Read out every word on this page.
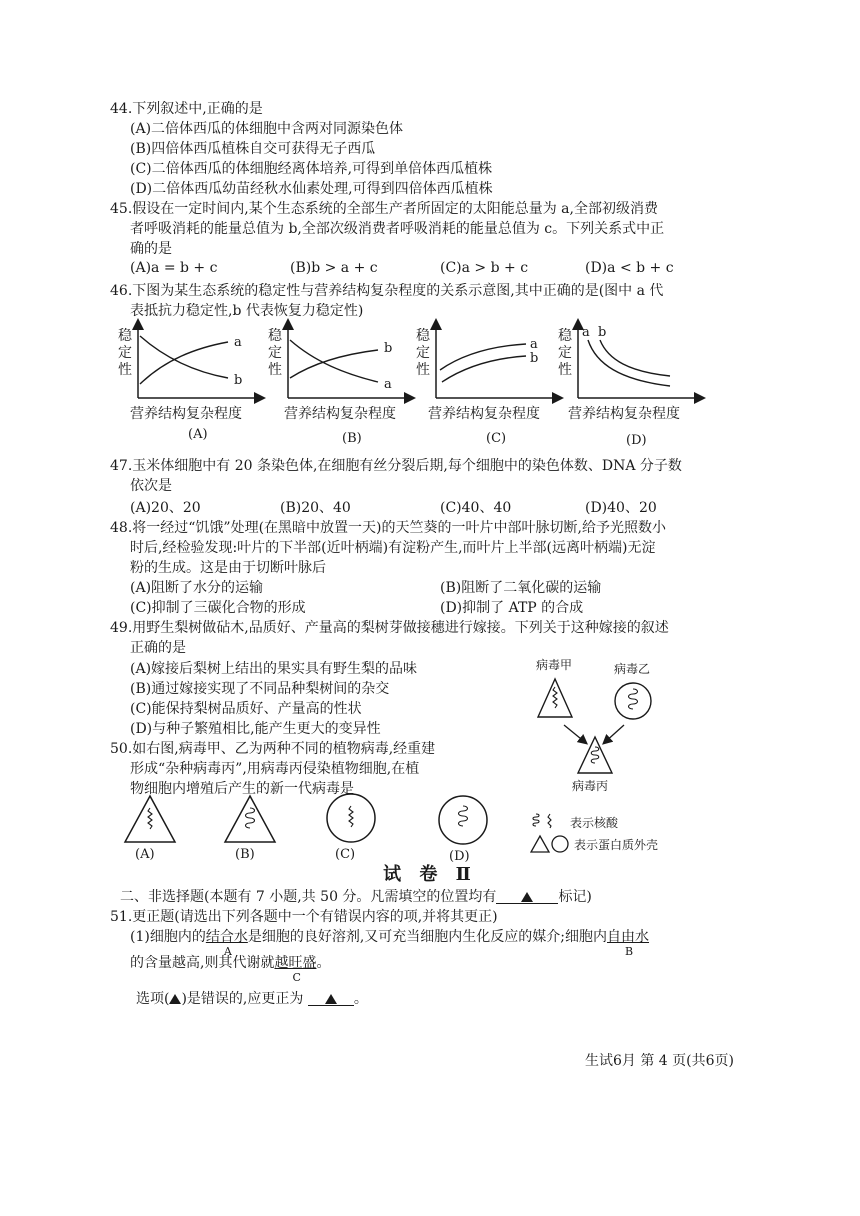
44.下列叙述中,正确的是
(A)二倍体西瓜的体细胞中含两对同源染色体
(B)四倍体西瓜植株自交可获得无子西瓜
(C)二倍体西瓜的体细胞经离体培养,可得到单倍体西瓜植株
(D)二倍体西瓜幼苗经秋水仙素处理,可得到四倍体西瓜植株
45.假设在一定时间内,某个生态系统的全部生产者所固定的太阳能总量为 a,全部初级消费
者呼吸消耗的能量总值为 b,全部次级消费者呼吸消耗的能量总值为 c。下列关系式中正
确的是
(A)a = b + c	(B)b > a + c	(C)a > b + c	(D)a < b + c
46.下图为某生态系统的稳定性与营养结构复杂程度的关系示意图,其中正确的是(图中 a 代
表抵抗力稳定性,b 代表恢复力稳定性)
稳
定
性
a
b
营养结构复杂程度
(A)
稳
定
性
b
a
营养结构复杂程度
(B)
稳
定
性
a
b
营养结构复杂程度
(C)
稳
定
性
a b
营养结构复杂程度
(D)
47.玉米体细胞中有 20 条染色体,在细胞有丝分裂后期,每个细胞中的染色体数、DNA 分子数
依次是
(A)20、20	(B)20、40	(C)40、40	(D)40、20
48.将一经过“饥饿”处理(在黑暗中放置一天)的天竺葵的一叶片中部叶脉切断,给予光照数小
时后,经检验发现:叶片的下半部(近叶柄端)有淀粉产生,而叶片上半部(远离叶柄端)无淀
粉的生成。这是由于切断叶脉后
(A)阻断了水分的运输	(B)阻断了二氧化碳的运输
(C)抑制了三碳化合物的形成	(D)抑制了 ATP 的合成
49.用野生梨树做砧木,品质好、产量高的梨树芽做接穗进行嫁接。下列关于这种嫁接的叙述
正确的是
(A)嫁接后梨树上结出的果实具有野生梨的品味
(B)通过嫁接实现了不同品种梨树间的杂交
(C)能保持梨树品质好、产量高的性状
(D)与种子繁殖相比,能产生更大的变异性
50.如右图,病毒甲、乙为两种不同的植物病毒,经重建
形成“杂种病毒丙”,用病毒丙侵染植物细胞,在植
物细胞内增殖后产生的新一代病毒是
病毒甲	病毒乙
病毒丙
(A)	(B)	(C)	(D)
表示核酸
表示蛋白质外壳
试 卷 Ⅱ
二、非选择题(本题有 7 小题,共 50 分。凡需填空的位置均有	标记)
51.更正题(请选出下列各题中一个有错误内容的项,并将其更正)
(1)细胞内的结合水
A
是细胞的良好溶剂,又可充当细胞内生化反应的媒介;细胞内自由水
B
的含量越高,则其代谢就越旺盛
C
。
选项( )是错误的,应更正为	。
生试6月 第 4 页(共6页)
